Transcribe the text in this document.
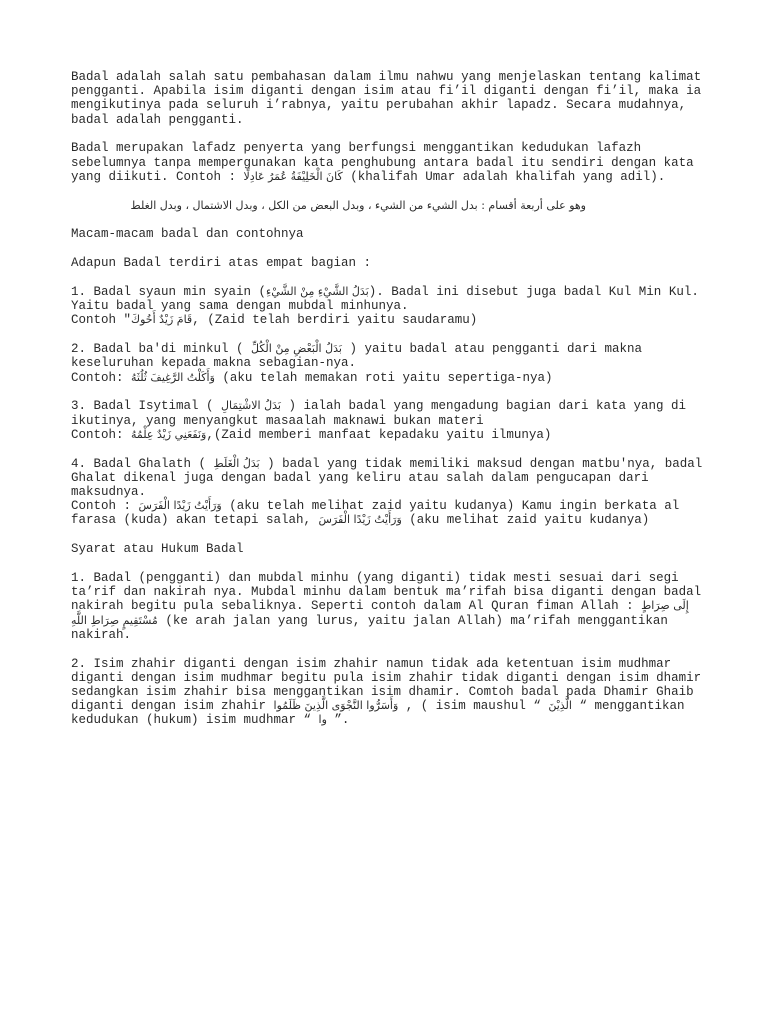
Badal adalah salah satu pembahasan dalam ilmu nahwu yang menjelaskan tentang kalimat pengganti. Apabila isim diganti dengan isim atau fi’il diganti dengan fi’il, maka ia mengikutinya pada seluruh i’rabnya, yaitu perubahan akhir lapadz. Secara mudahnya, badal adalah pengganti.

Badal merupakan lafadz penyerta yang berfungsi menggantikan kedudukan lafazh sebelumnya tanpa mempergunakan kata penghubung antara badal itu sendiri dengan kata yang diikuti. Contoh : كَانَ الْخَلِيْفَةُ عُمَرُ عَادِلًا (khalifah Umar adalah khalifah yang adil).

وهو على أربعة أقسام : بدل الشيء من الشيء ، وبدل البعض من الكل ، وبدل الاشتمال ، وبدل الغلط

Macam-macam badal dan contohnya

Adapun Badal terdiri atas empat bagian :

1. Badal syaun min syain (بَدَلُ الشَّيْءِ مِنْ الشَّيْءِ). Badal ini disebut juga badal Kul Min Kul. Yaitu badal yang sama dengan mubdal minhunya.
Contoh "قَامَ زَيْدٌ أَخُوكَ, (Zaid telah berdiri yaitu saudaramu)

2. Badal ba'di minkul ( بَدَلُ الْبَعْضِ مِنْ الْكُلِّ ) yaitu badal atau pengganti dari makna keseluruhan kepada makna sebagian-nya.
Contoh: وَأَكَلْتُ الرَّغِيفَ ثُلُثَهُ (aku telah memakan roti yaitu sepertiga-nya)

3. Badal Isytimal ( بَدَلُ الاشْتِمَالِ ) ialah badal yang mengadung bagian dari kata yang di ikutinya, yang menyangkut masaalah maknawi bukan materi
Contoh: وَنَفَعَنِي زَيْدٌ عِلْمُهُ,(Zaid memberi manfaat kepadaku yaitu ilmunya)

4. Badal Ghalath ( بَدَلُ الْغَلَطِ ) badal yang tidak memiliki maksud dengan matbu'nya, badal Ghalat dikenal juga dengan badal yang keliru atau salah dalam pengucapan dari maksudnya.
Contoh : وَرَأَيْتُ زَيْدًا الْفَرَسَ (aku telah melihat zaid yaitu kudanya) Kamu ingin berkata al farasa (kuda) akan tetapi salah, وَرَأَيْتُ زَيْدًا الْفَرَسَ (aku melihat zaid yaitu kudanya)

Syarat atau Hukum Badal

1. Badal (pengganti) dan mubdal minhu (yang diganti) tidak mesti sesuai dari segi ta’rif dan nakirah nya. Mubdal minhu dalam bentuk ma’rifah bisa diganti dengan badal nakirah begitu pula sebaliknya. Seperti contoh dalam Al Quran fiman Allah : إِلَى صِرَاطٍ مُسْتَقِيمٍ صِرَاطِ اللَّهِ (ke arah jalan yang lurus, yaitu jalan Allah) ma’rifah menggantikan nakirah.

2. Isim zhahir diganti dengan isim zhahir namun tidak ada ketentuan isim mudhmar diganti dengan isim mudhmar begitu pula isim zhahir tidak diganti dengan isim dhamir sedangkan isim zhahir bisa menggantikan isim dhamir. Comtoh badal pada Dhamir Ghaib diganti dengan isim zhahir وَأَسَرُّوا النَّجْوَى الَّذِينَ ظَلَمُوا , ( isim maushul “ الَّذِيْنَ “ menggantikan kedudukan (hukum) isim mudhmar “ وا ”.
